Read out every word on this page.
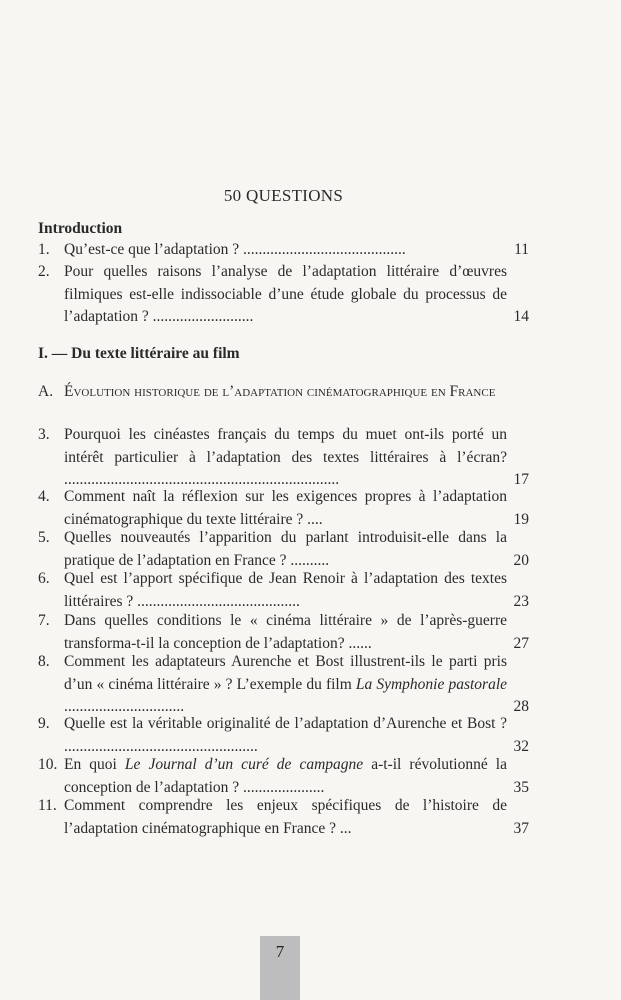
50 QUESTIONS
Introduction
1. Qu’est-ce que l’adaptation ? ..........................................	11
2. Pour quelles raisons l’analyse de l’adaptation littéraire d’œuvres filmiques est-elle indissociable d’une étude globale du processus de l’adaptation ? ..........................	14
I. — Du texte littéraire au film
A. Évolution historique de l’adaptation cinématographique en France
3. Pourquoi les cinéastes français du temps du muet ont-ils porté un intérêt particulier à l’adaptation des textes littéraires à l’écran? .......................................................................	17
4. Comment naît la réflexion sur les exigences propres à l’adaptation cinématographique du texte littéraire ? ....	19
5. Quelles nouveautés l’apparition du parlant introduisit-elle dans la pratique de l’adaptation en France ? ..........	20
6. Quel est l’apport spécifique de Jean Renoir à l’adaptation des textes littéraires ? ..........................................	23
7. Dans quelles conditions le « cinéma littéraire » de l’après-guerre transforma-t-il la conception de l’adaptation? ......	27
8. Comment les adaptateurs Aurenche et Bost illustrent-ils le parti pris d’un « cinéma littéraire » ? L’exemple du film La Symphonie pastorale ...............................	28
9. Quelle est la véritable originalité de l’adaptation d’Aurenche et Bost ? ..................................................	32
10. En quoi Le Journal d’un curé de campagne a-t-il révolutionné la conception de l’adaptation ? .....................	35
11. Comment comprendre les enjeux spécifiques de l’histoire de l’adaptation cinématographique en France ? ...	37
7
